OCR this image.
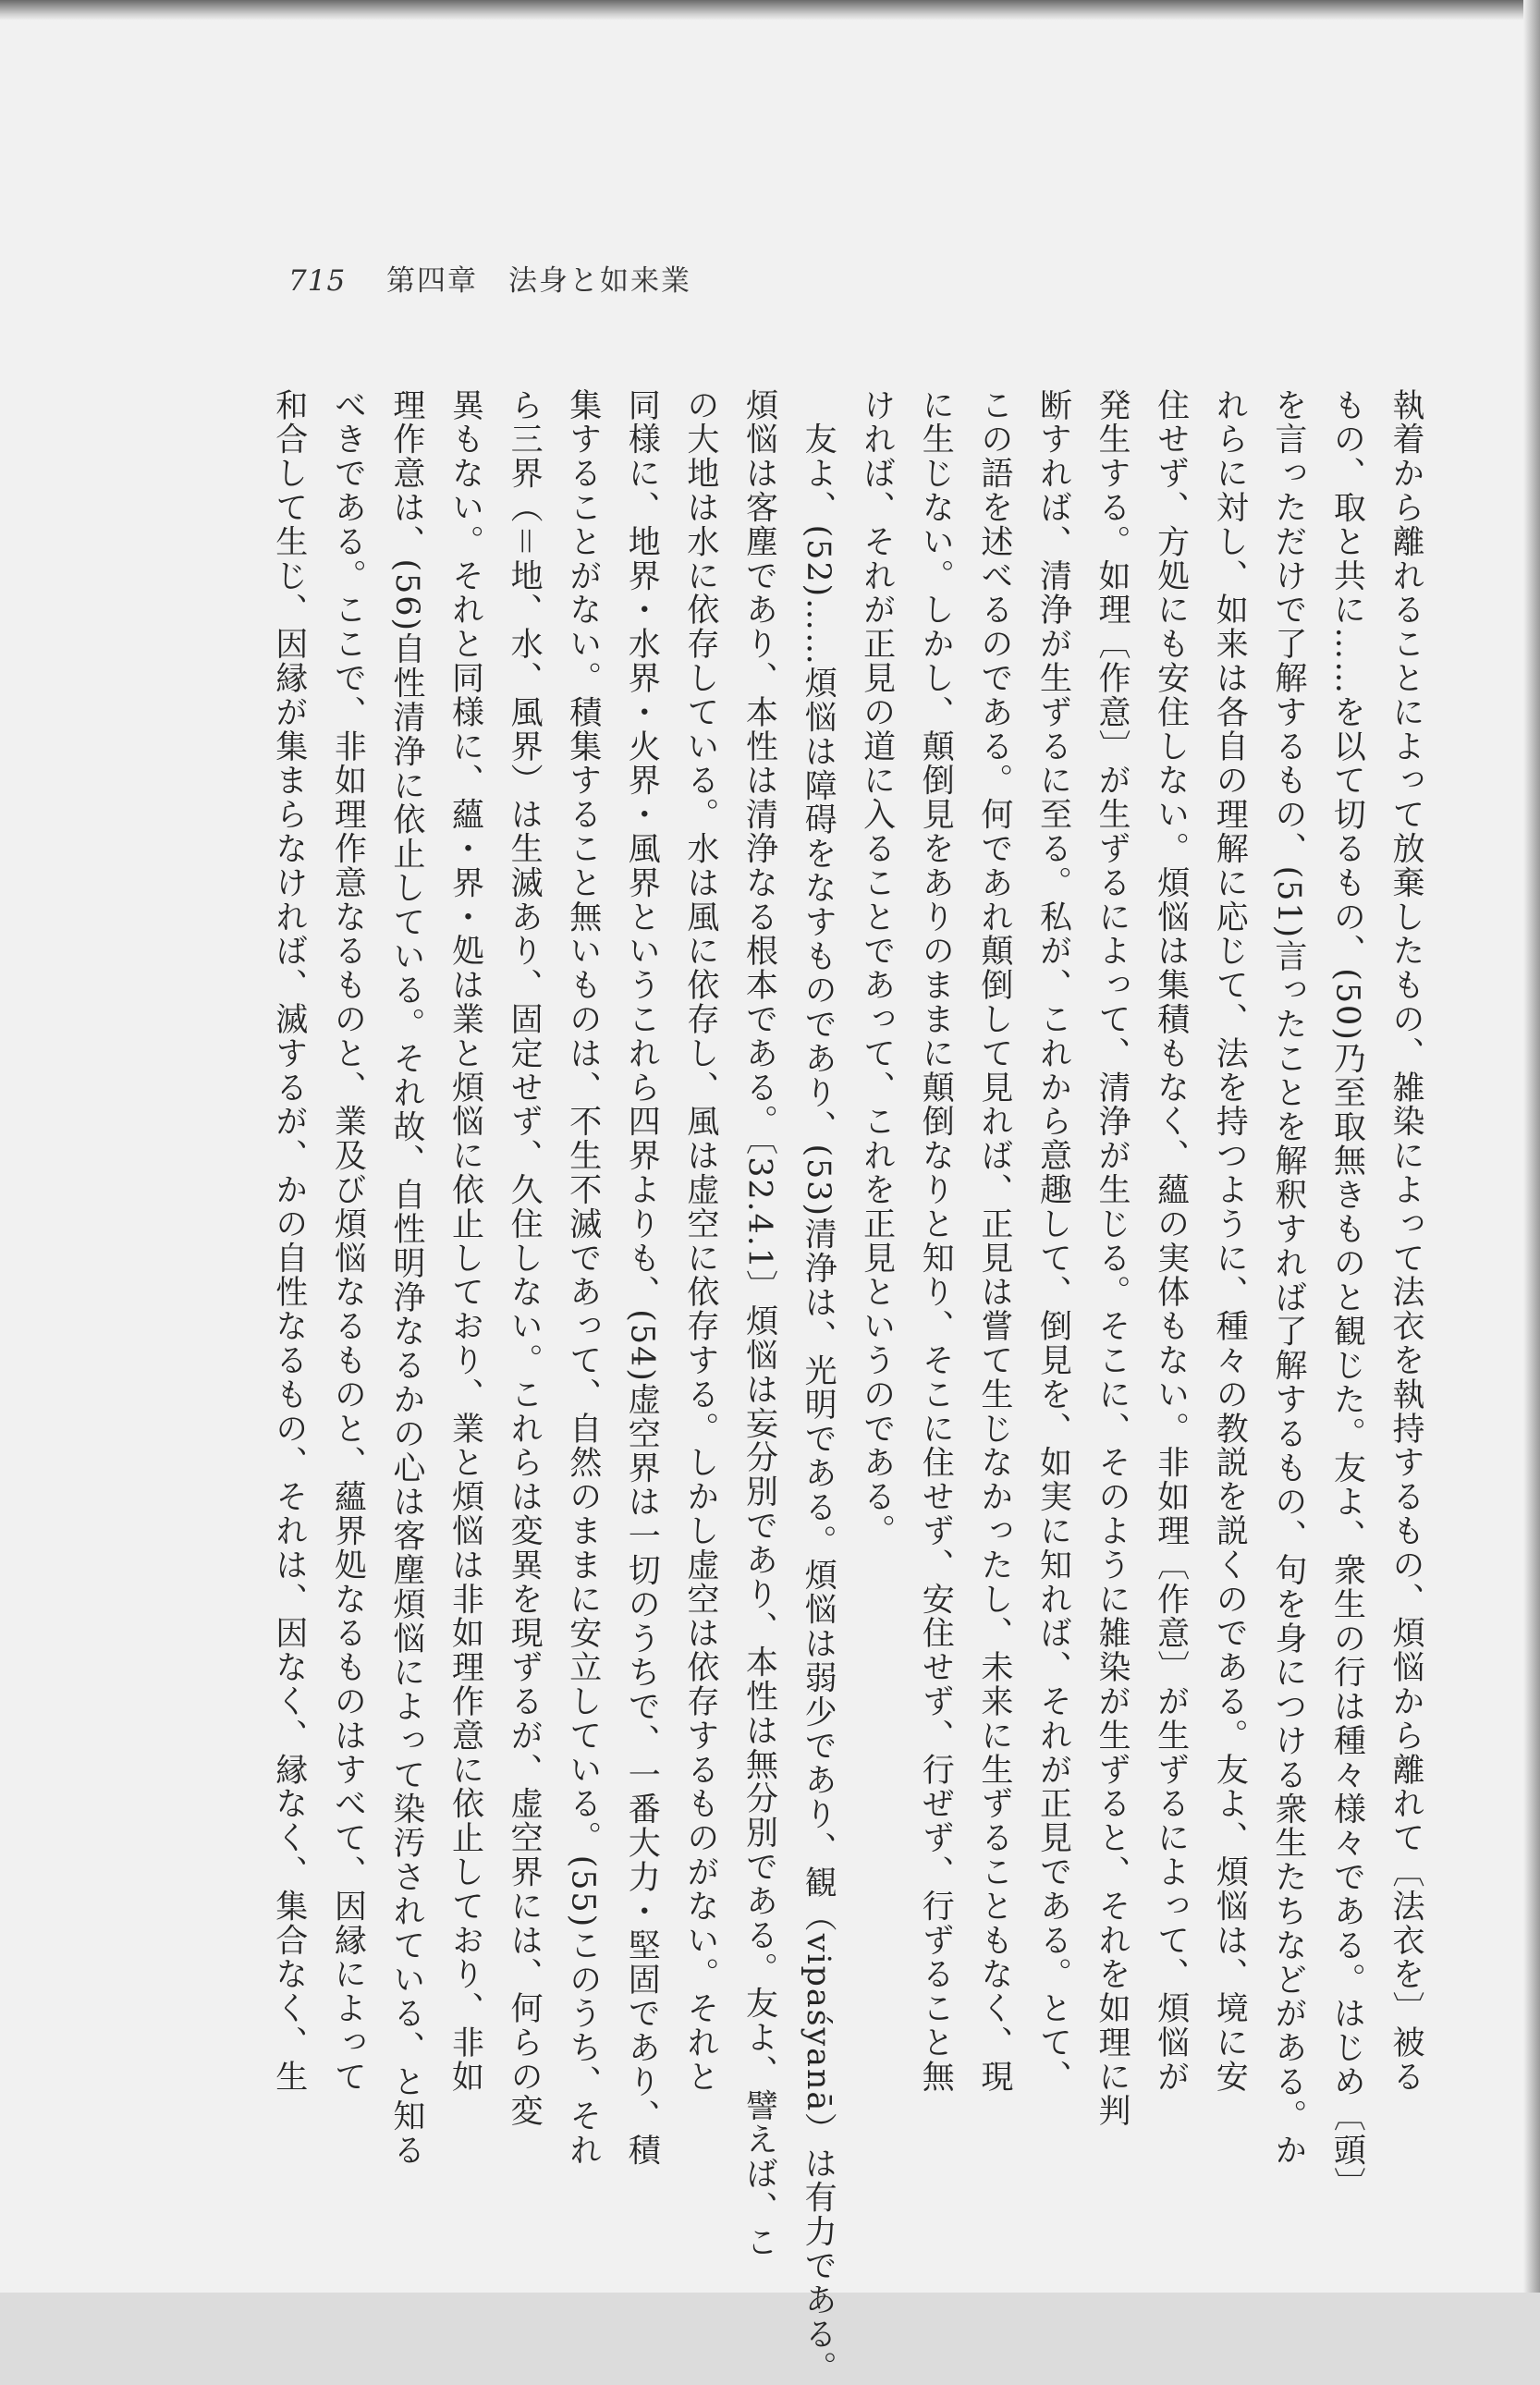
715 第四章　法身と如来業
執着から離れることによって放棄したもの、雑染によって法衣を執持するもの、煩悩から離れて〔法衣を〕被る
もの、取と共に……を以て切るもの、(50)乃至取無きものと観じた。友よ、衆生の行は種々様々である。はじめ〔頭〕
を言っただけで了解するもの、(51)言ったことを解釈すれば了解するもの、句を身につける衆生たちなどがある。か
れらに対し、如来は各自の理解に応じて、法を持つように、種々の教説を説くのである。友よ、煩悩は、境に安
住せず、方処にも安住しない。煩悩は集積もなく、蘊の実体もない。非如理〔作意〕が生ずるによって、煩悩が
発生する。如理〔作意〕が生ずるによって、清浄が生じる。そこに、そのように雑染が生ずると、それを如理に判
断すれば、清浄が生ずるに至る。私が、これから意趣して、倒見を、如実に知れば、それが正見である。とて、
この語を述べるのである。何であれ顛倒して見れば、正見は嘗て生じなかったし、未来に生ずることもなく、現
に生じない。しかし、顛倒見をありのままに顛倒なりと知り、そこに住せず、安住せず、行ぜず、行ずること無
ければ、それが正見の道に入ることであって、これを正見というのである。
　友よ、(52)……煩悩は障碍をなすものであり、(53)清浄は、光明である。煩悩は弱少であり、観（vipaśyanā）は有力である。
煩悩は客塵であり、本性は清浄なる根本である。〔32.4.1〕煩悩は妄分別であり、本性は無分別である。友よ、譬えば、こ
の大地は水に依存している。水は風に依存し、風は虚空に依存する。しかし虚空は依存するものがない。それと
同様に、地界・水界・火界・風界というこれら四界よりも、(54)虚空界は一切のうちで、一番大力・堅固であり、積
集することがない。積集すること無いものは、不生不滅であって、自然のままに安立している。(55)このうち、それ
ら三界（＝地、水、風界）は生滅あり、固定せず、久住しない。これらは変異を現ずるが、虚空界には、何らの変
異もない。それと同様に、蘊・界・処は業と煩悩に依止しており、業と煩悩は非如理作意に依止しており、非如
理作意は、(56)自性清浄に依止している。それ故、自性明浄なるかの心は客塵煩悩によって染汚されている、と知る
べきである。ここで、非如理作意なるものと、業及び煩悩なるものと、蘊界処なるものはすべて、因縁によって
和合して生じ、因縁が集まらなければ、滅するが、かの自性なるもの、それは、因なく、縁なく、集合なく、生
